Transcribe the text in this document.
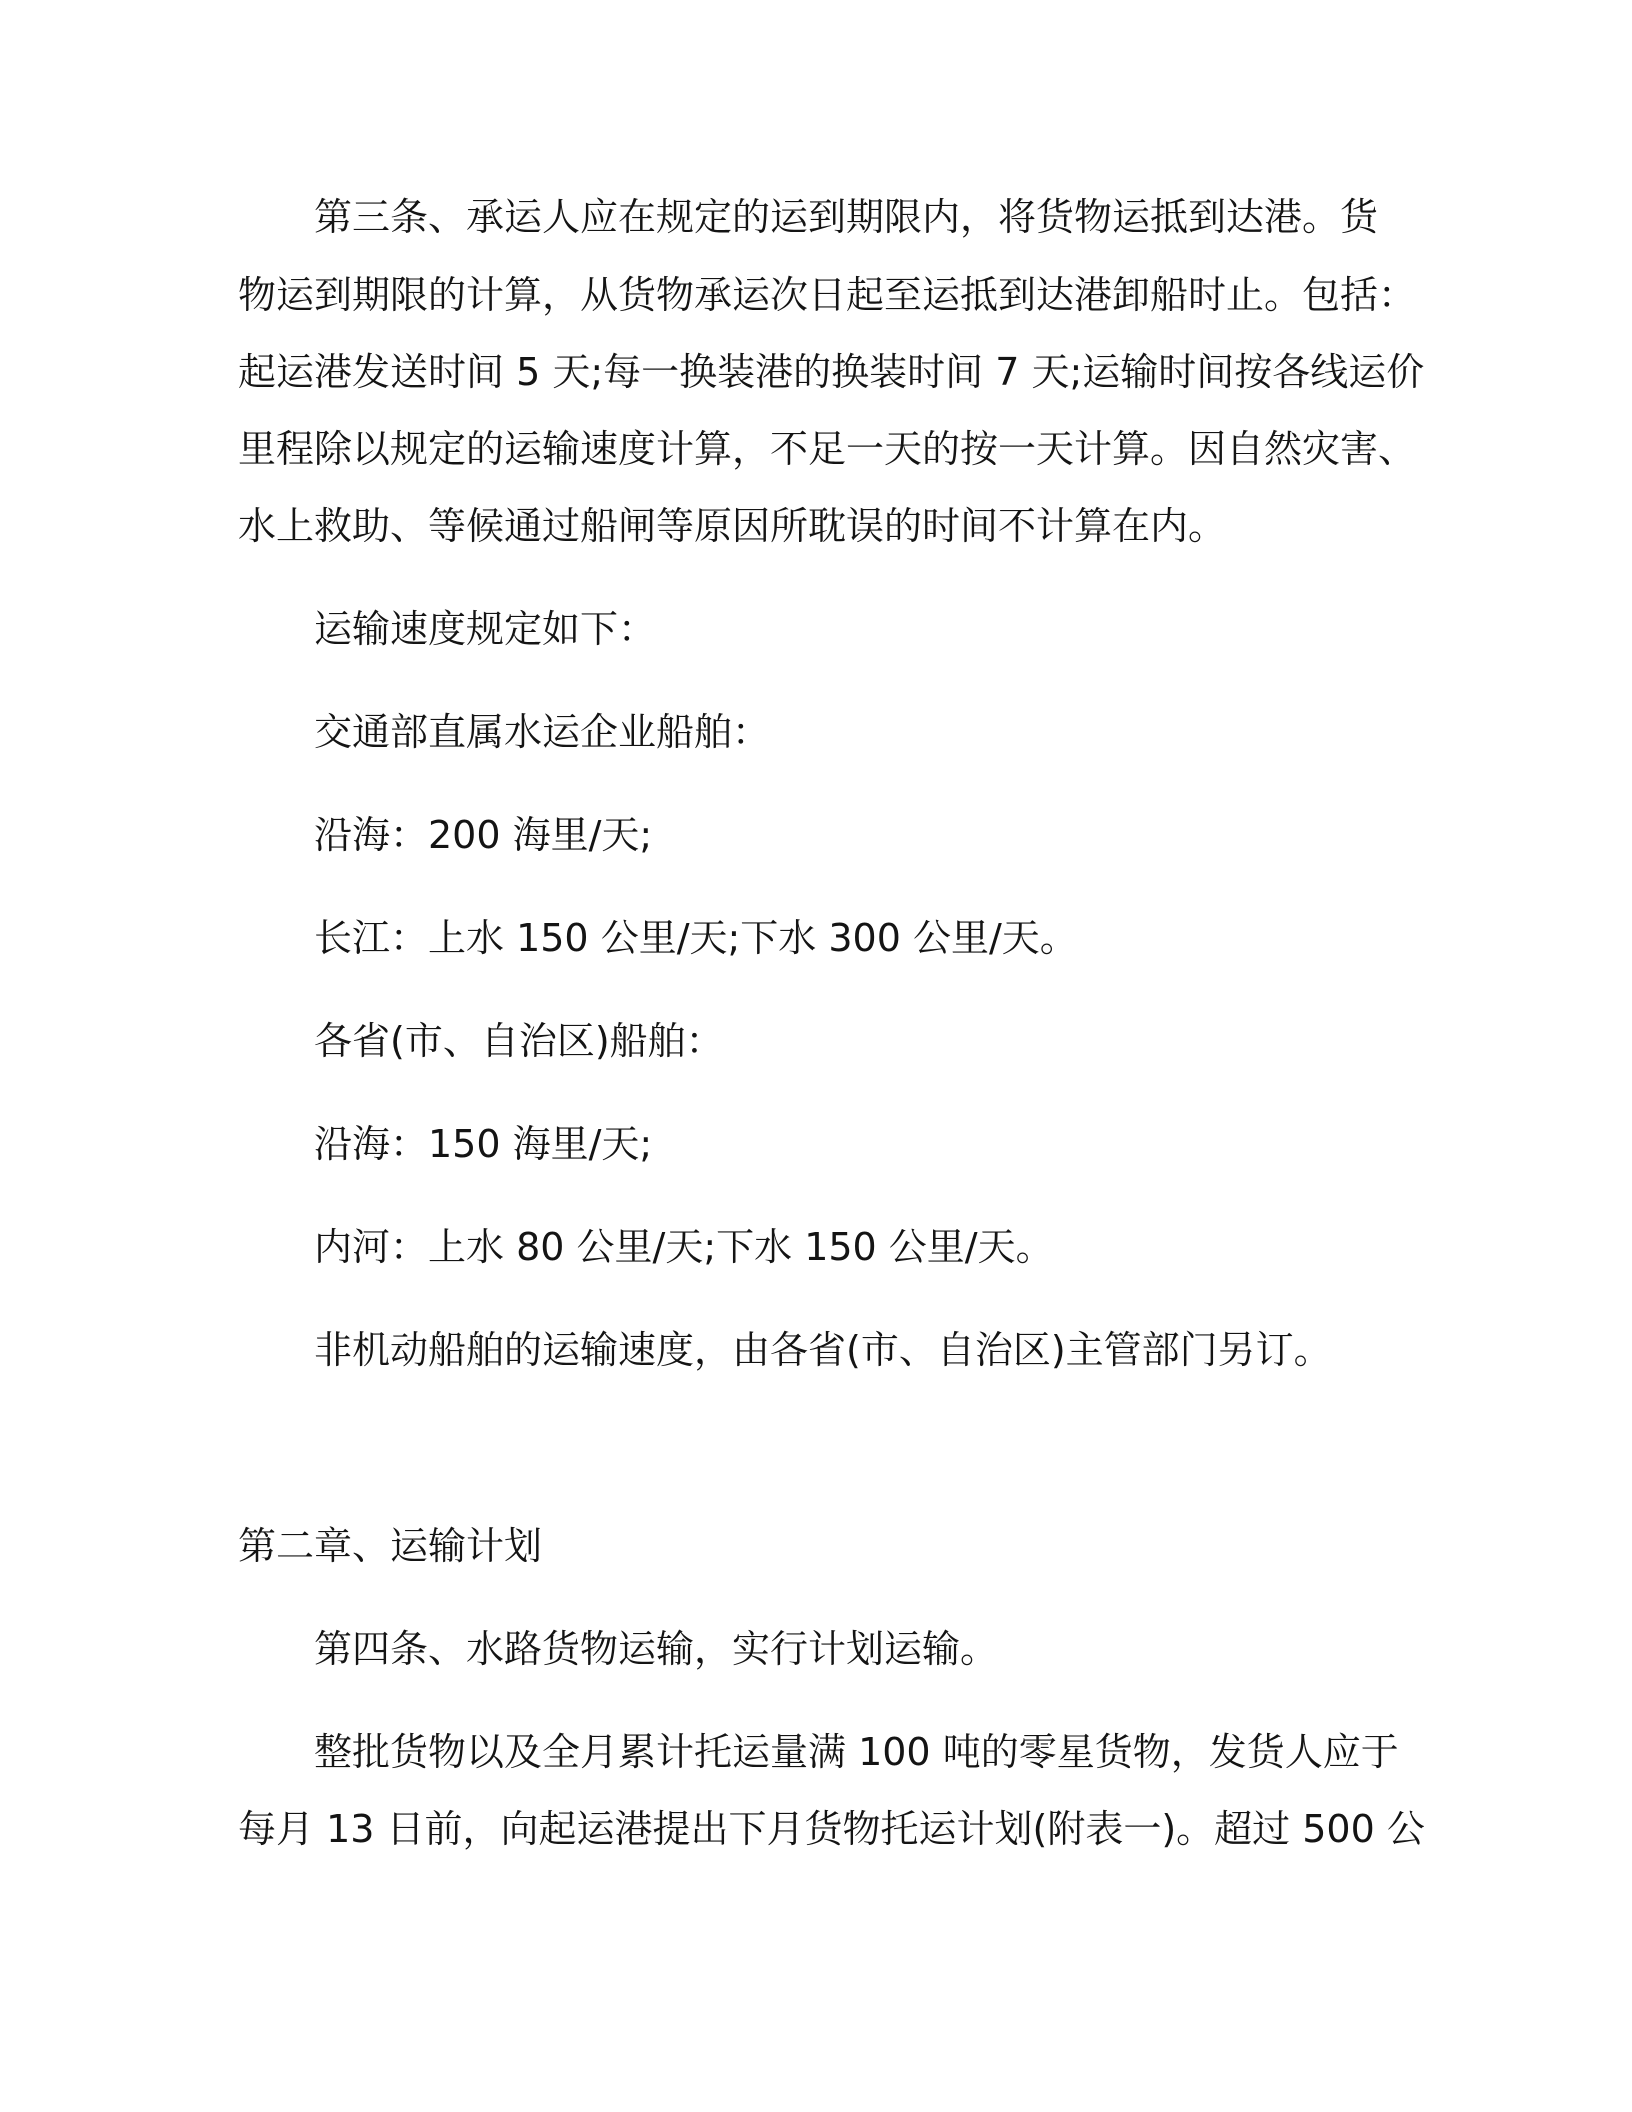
第三条、承运人应在规定的运到期限内，将货物运抵到达港。货
物运到期限的计算，从货物承运次日起至运抵到达港卸船时止。包括：
起运港发送时间 5 天;每一换装港的换装时间 7 天;运输时间按各线运价
里程除以规定的运输速度计算，不足一天的按一天计算。因自然灾害、
水上救助、等候通过船闸等原因所耽误的时间不计算在内。
运输速度规定如下：
交通部直属水运企业船舶：
沿海：200 海里/天;
长江：上水 150 公里/天;下水 300 公里/天。
各省(市、自治区)船舶：
沿海：150 海里/天;
内河：上水 80 公里/天;下水 150 公里/天。
非机动船舶的运输速度，由各省(市、自治区)主管部门另订。
第二章、运输计划
第四条、水路货物运输，实行计划运输。
整批货物以及全月累计托运量满 100 吨的零星货物，发货人应于
每月 13 日前，向起运港提出下月货物托运计划(附表一)。超过 500 公
